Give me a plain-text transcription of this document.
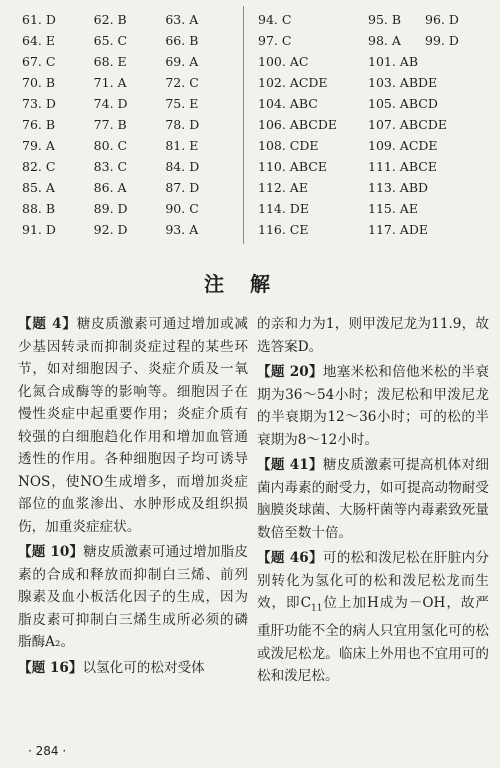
61. D	62. B	63. A
64. E	65. C	66. B
67. C	68. E	69. A
70. B	71. A	72. C
73. D	74. D	75. E
76. B	77. B	78. D
79. A	80. C	81. E
82. C	83. C	84. D
85. A	86. A	87. D
88. B	89. D	90. C
91. D	92. D	93. A
94. C	95. B	96. D
97. C	98. A	99. D
100. AC	101. AB
102. ACDE	103. ABDE
104. ABC	105. ABCD
106. ABCDE	107. ABCDE
108. CDE	109. ACDE
110. ABCE	111. ABCE
112. AE	113. ABD
114. DE	115. AE
116. CE	117. ADE
注解

【题 4】糖皮质激素可通过增加或减少基因转录而抑制炎症过程的某些环节，如对细胞因子、炎症介质及一氧化氮合成酶等的影响等。细胞因子在慢性炎症中起重要作用；炎症介质有较强的白细胞趋化作用和增加血管通透性的作用。各种细胞因子均可诱导NOS，使NO生成增多，而增加炎症部位的血浆渗出、水肿形成及组织损伤，加重炎症症状。

【题 10】糖皮质激素可通过增加脂皮素的合成和释放而抑制白三烯、前列腺素及血小板活化因子的生成，因为脂皮素可抑制白三烯生成所必须的磷脂酶A₂。

【题 16】以氢化可的松对受体

的亲和力为1，则甲泼尼龙为11.9，故选答案D。

【题 20】地塞米松和倍他米松的半衰期为36～54小时；泼尼松和甲泼尼龙的半衰期为12～36小时；可的松的半衰期为8～12小时。

【题 41】糖皮质激素可提高机体对细菌内毒素的耐受力，如可提高动物耐受脑膜炎球菌、大肠杆菌等内毒素致死量数倍至数十倍。

【题 46】可的松和泼尼松在肝脏内分别转化为氢化可的松和泼尼松龙而生效，即$C_{11}$位上加H成为－OH，故严重肝功能不全的病人只宜用氢化可的松或泼尼松龙。临床上外用也不宜用可的松和泼尼松。

· 284 ·
